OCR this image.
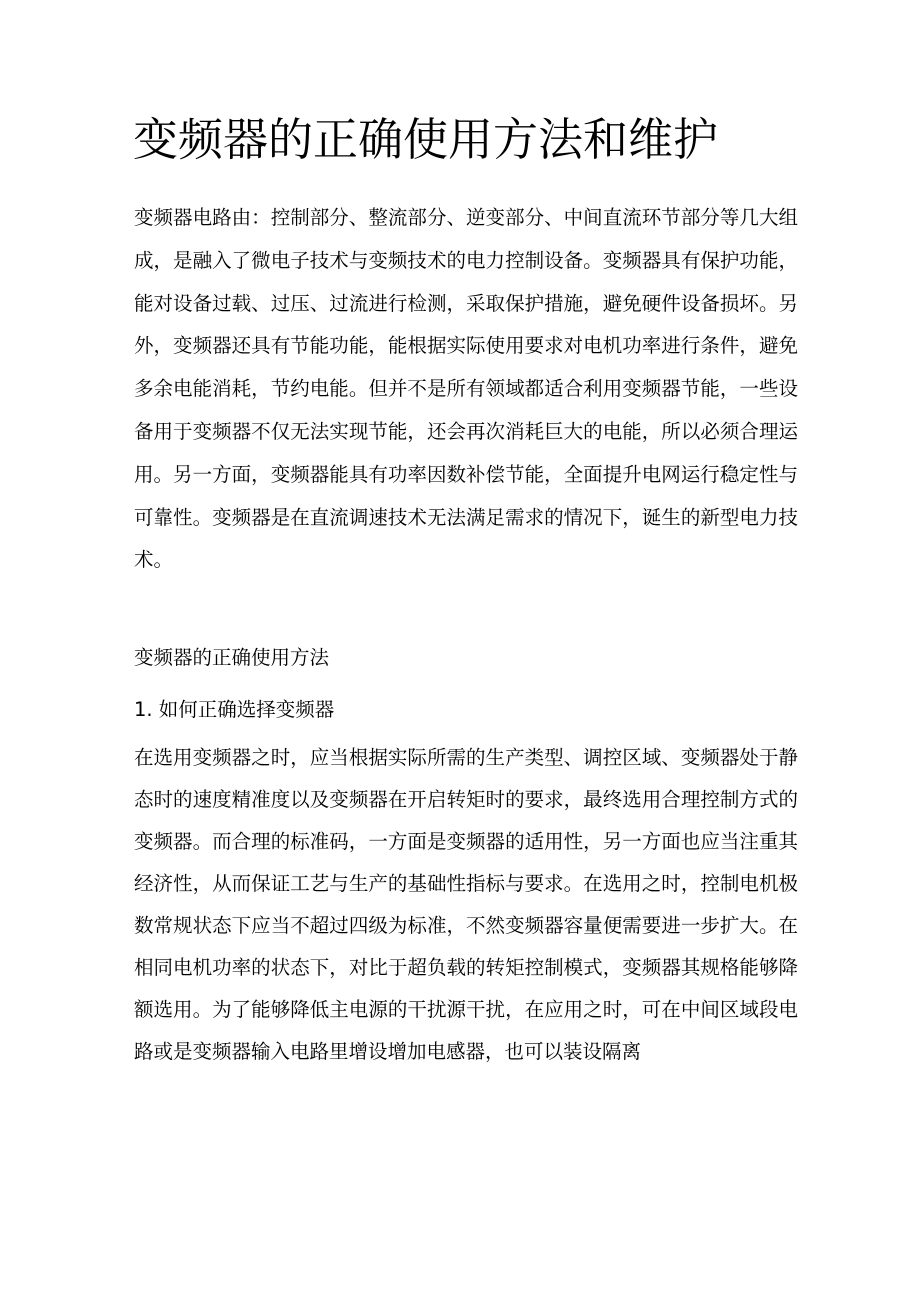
变频器的正确使用方法和维护

变频器电路由：控制部分、整流部分、逆变部分、中间直流环节部分等几大组成，是融入了微电子技术与变频技术的电力控制设备。变频器具有保护功能，能对设备过载、过压、过流进行检测，采取保护措施，避免硬件设备损坏。另外，变频器还具有节能功能，能根据实际使用要求对电机功率进行条件，避免多余电能消耗，节约电能。但并不是所有领域都适合利用变频器节能，一些设备用于变频器不仅无法实现节能，还会再次消耗巨大的电能，所以必须合理运用。另一方面，变频器能具有功率因数补偿节能，全面提升电网运行稳定性与可靠性。变频器是在直流调速技术无法满足需求的情况下，诞生的新型电力技术。

变频器的正确使用方法

1. 如何正确选择变频器

在选用变频器之时，应当根据实际所需的生产类型、调控区域、变频器处于静态时的速度精准度以及变频器在开启转矩时的要求，最终选用合理控制方式的变频器。而合理的标准码，一方面是变频器的适用性，另一方面也应当注重其经济性，从而保证工艺与生产的基础性指标与要求。在选用之时，控制电机极数常规状态下应当不超过四级为标准，不然变频器容量便需要进一步扩大。在相同电机功率的状态下，对比于超负载的转矩控制模式，变频器其规格能够降额选用。为了能够降低主电源的干扰源干扰，在应用之时，可在中间区域段电路或是变频器输入电路里增设增加电感器，也可以装设隔离
